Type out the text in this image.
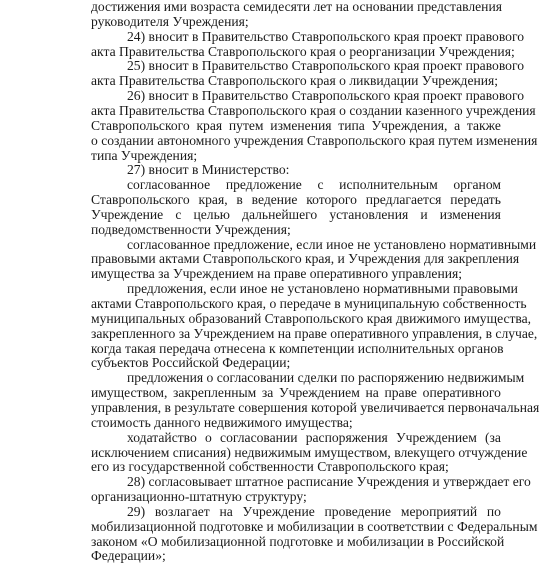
достижения ими возраста семидесяти лет на основании представления
руководителя Учреждения;
24) вносит в Правительство Ставропольского края проект правового
акта Правительства Ставропольского края о реорганизации Учреждения;
25) вносит в Правительство Ставропольского края проект правового
акта Правительства Ставропольского края о ликвидации Учреждения;
26) вносит в Правительство Ставропольского края проект правового
акта Правительства Ставропольского края о создании казенного учреждения
Ставропольского края путем изменения типа Учреждения, а также
о создании автономного учреждения Ставропольского края путем изменения
типа Учреждения;
27) вносит в Министерство:
согласованное предложение с исполнительным органом
Ставропольского края, в ведение которого предлагается передать
Учреждение с целью дальнейшего установления и изменения
подведомственности Учреждения;
согласованное предложение, если иное не установлено нормативными
правовыми актами Ставропольского края, и Учреждения для закрепления
имущества за Учреждением на праве оперативного управления;
предложения, если иное не установлено нормативными правовыми
актами Ставропольского края, о передаче в муниципальную собственность
муниципальных образований Ставропольского края движимого имущества,
закрепленного за Учреждением на праве оперативного управления, в случае,
когда такая передача отнесена к компетенции исполнительных органов
субъектов Российской Федерации;
предложения о согласовании сделки по распоряжению недвижимым
имуществом, закрепленным за Учреждением на праве оперативного
управления, в результате совершения которой увеличивается первоначальная
стоимость данного недвижимого имущества;
ходатайство о согласовании распоряжения Учреждением (за
исключением списания) недвижимым имуществом, влекущего отчуждение
его из государственной собственности Ставропольского края;
28) согласовывает штатное расписание Учреждения и утверждает его
организационно-штатную структуру;
29) возлагает на Учреждение проведение мероприятий по
мобилизационной подготовке и мобилизации в соответствии с Федеральным
законом «О мобилизационной подготовке и мобилизации в Российской
Федерации»;
